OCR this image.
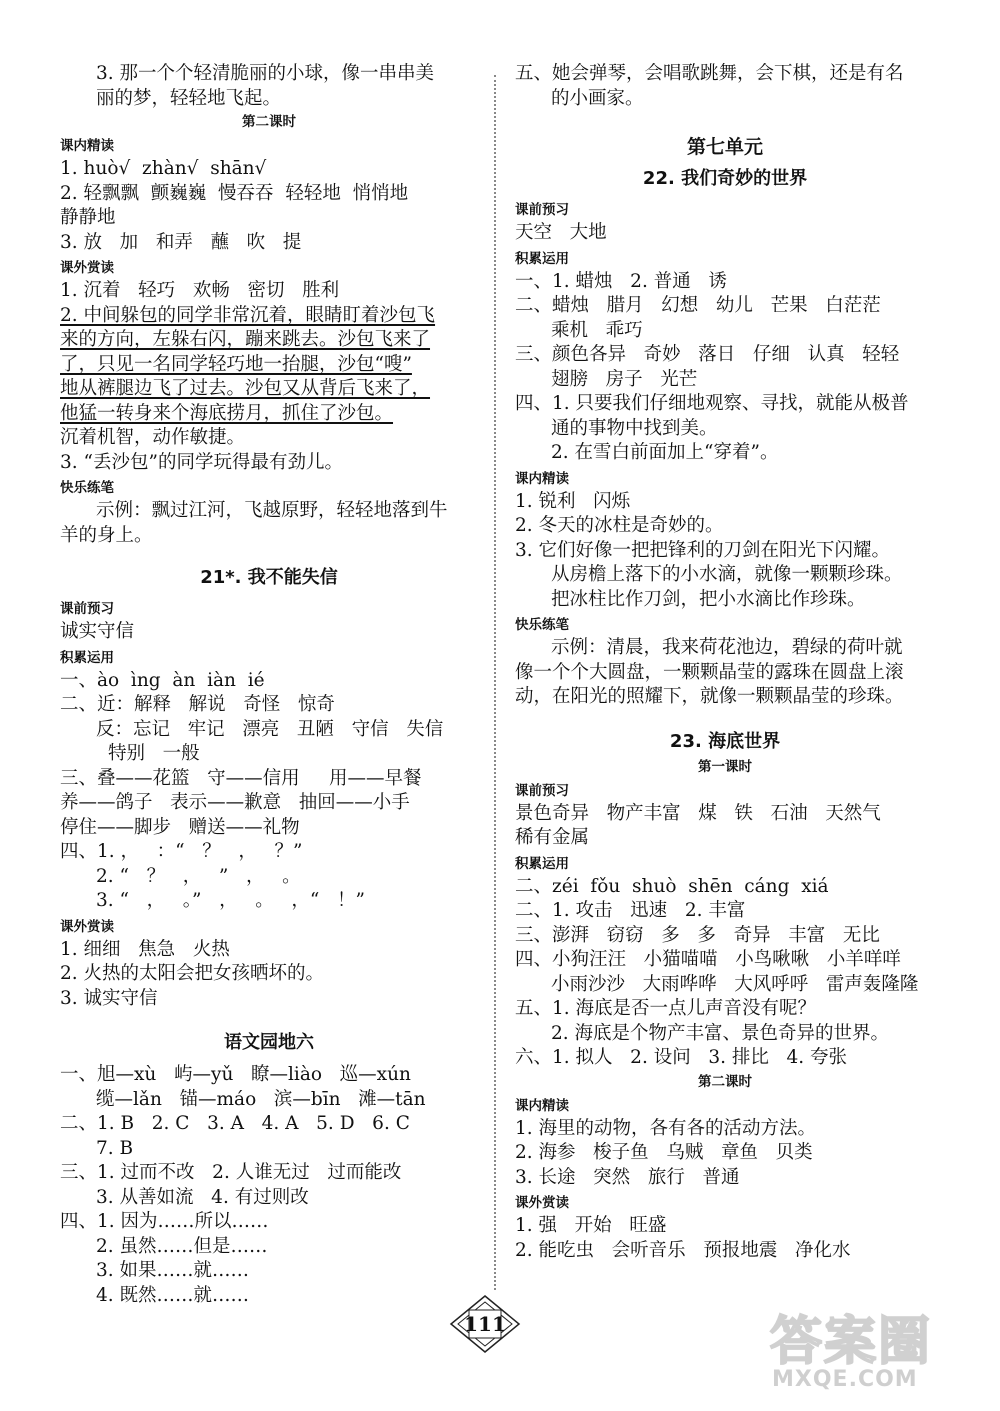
3. 那一个个轻清脆丽的小球，像一串串美
丽的梦，轻轻地飞起。
第二课时
课内精读
1. huò√  zhàn√  shān√
2. 轻飘飘  颤巍巍  慢吞吞  轻轻地  悄悄地
静静地
3. 放   加   和弄   蘸   吹   提
课外赏读
1. 沉着   轻巧   欢畅   密切   胜利
2. 中间躲包的同学非常沉着，眼睛盯着沙包飞
来的方向，左躲右闪，蹦来跳去。沙包飞来了
了，只见一名同学轻巧地一抬腿，沙包“嗖”
地从裤腿边飞了过去。沙包又从背后飞来了，
他猛一转身来个海底捞月，抓住了沙包。
沉着机智，动作敏捷。
3. “丢沙包”的同学玩得最有劲儿。
快乐练笔
示例：飘过江河，飞越原野，轻轻地落到牛
羊的身上。
21*. 我不能失信
课前预习
诚实守信
积累运用
一、ào  ìng  àn  iàn  ié
二、近：解释   解说   奇怪   惊奇
反：忘记   牢记   漂亮   丑陋   守信   失信
特别   一般
三、叠——花篮   守——信用     用——早餐
养——鸽子   表示——歉意   抽回——小手
停住——脚步   赠送——礼物
四、1. ，   ：“   ？   ，   ？”
2. “   ？   ，   ”   ，   。
3. “   ，   。”   ，   。   ，“   ！”
课外赏读
1. 细细   焦急   火热
2. 火热的太阳会把女孩晒坏的。
3. 诚实守信
语文园地六
一、旭—xù   屿—yǔ   瞭—liào   巡—xún
缆—lǎn   锚—máo   滨—bīn   滩—tān
二、1. B   2. C   3. A   4. A   5. D   6. C
7. B
三、1. 过而不改   2. 人谁无过   过而能改
3. 从善如流   4. 有过则改
四、1. 因为……所以……
2. 虽然……但是……
3. 如果……就……
4. 既然……就……
五、她会弹琴，会唱歌跳舞，会下棋，还是有名
的小画家。
第七单元
22. 我们奇妙的世界
课前预习
天空   大地
积累运用
一、1. 蜡烛   2. 普通   诱
二、蜡烛   腊月   幻想   幼儿   芒果   白茫茫
乘机   乖巧
三、颜色各异   奇妙   落日   仔细   认真   轻轻
翅膀   房子   光芒
四、1. 只要我们仔细地观察、寻找，就能从极普
通的事物中找到美。
2. 在雪白前面加上“穿着”。
课内精读
1. 锐利   闪烁
2. 冬天的冰柱是奇妙的。
3. 它们好像一把把锋利的刀剑在阳光下闪耀。
从房檐上落下的小水滴，就像一颗颗珍珠。
把冰柱比作刀剑，把小水滴比作珍珠。
快乐练笔
示例：清晨，我来荷花池边，碧绿的荷叶就
像一个个大圆盘，一颗颗晶莹的露珠在圆盘上滚
动，在阳光的照耀下，就像一颗颗晶莹的珍珠。
23. 海底世界
第一课时
课前预习
景色奇异   物产丰富   煤   铁   石油   天然气
稀有金属
积累运用
二、zéi  fǒu  shuò  shēn  cáng  xiá
二、1. 攻击   迅速   2. 丰富
三、澎湃   窃窃   多   多   奇异   丰富   无比
四、小狗汪汪   小猫喵喵   小鸟啾啾   小羊咩咩
小雨沙沙   大雨哗哗   大风呼呼   雷声轰隆隆
五、1. 海底是否一点儿声音没有呢？
2. 海底是个物产丰富、景色奇异的世界。
六、1. 拟人   2. 设问   3. 排比   4. 夸张
第二课时
课内精读
1. 海里的动物，各有各的活动方法。
2. 海参   梭子鱼   乌贼   章鱼   贝类
3. 长途   突然   旅行   普通
课外赏读
1. 强   开始   旺盛
2. 能吃虫   会听音乐   预报地震   净化水
111	答案圈
MXQE.COM
